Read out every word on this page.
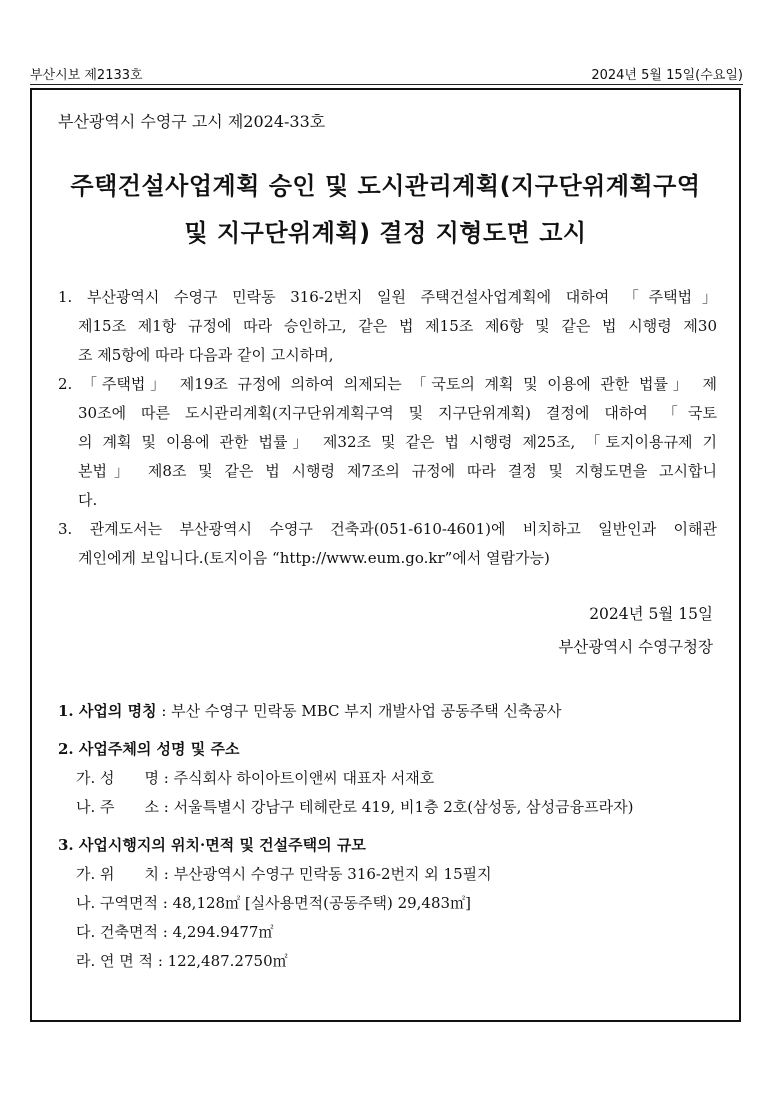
부산시보 제2133호	2024년 5월 15일(수요일)
부산광역시 수영구 고시 제2024-33호
주택건설사업계획 승인 및 도시관리계획(지구단위계획구역
및 지구단위계획) 결정 지형도면 고시
1. 부산광역시 수영구 민락동 316-2번지 일원 주택건설사업계획에 대하여 「주택법」
제15조 제1항 규정에 따라 승인하고, 같은 법 제15조 제6항 및 같은 법 시행령 제30
조 제5항에 따라 다음과 같이 고시하며,
2. 「주택법」 제19조 규정에 의하여 의제되는 「국토의 계획 및 이용에 관한 법률」 제
30조에 따른 도시관리계획(지구단위계획구역 및 지구단위계획) 결정에 대하여 「국토
의 계획 및 이용에 관한 법률」 제32조 및 같은 법 시행령 제25조, 「토지이용규제 기
본법」 제8조 및 같은 법 시행령 제7조의 규정에 따라 결정 및 지형도면을 고시합니
다.
3. 관계도서는 부산광역시 수영구 건축과(051-610-4601)에 비치하고 일반인과 이해관
계인에게 보입니다.(토지이음 “http://www.eum.go.kr”에서 열람가능)
2024년 5월 15일
부산광역시 수영구청장
1. 사업의 명칭 : 부산 수영구 민락동 MBC 부지 개발사업 공동주택 신축공사
2. 사업주체의 성명 및 주소
가. 성　　명 : 주식회사 하이아트이앤씨 대표자 서재호
나. 주　　소 : 서울특별시 강남구 테헤란로 419, 비1층 2호(삼성동, 삼성금융프라자)
3. 사업시행지의 위치·면적 및 건설주택의 규모
가. 위　　치 : 부산광역시 수영구 민락동 316-2번지 외 15필지
나. 구역면적 : 48,128㎡ [실사용면적(공동주택) 29,483㎡]
다. 건축면적 : 4,294.9477㎡
라. 연 면 적 : 122,487.2750㎡
